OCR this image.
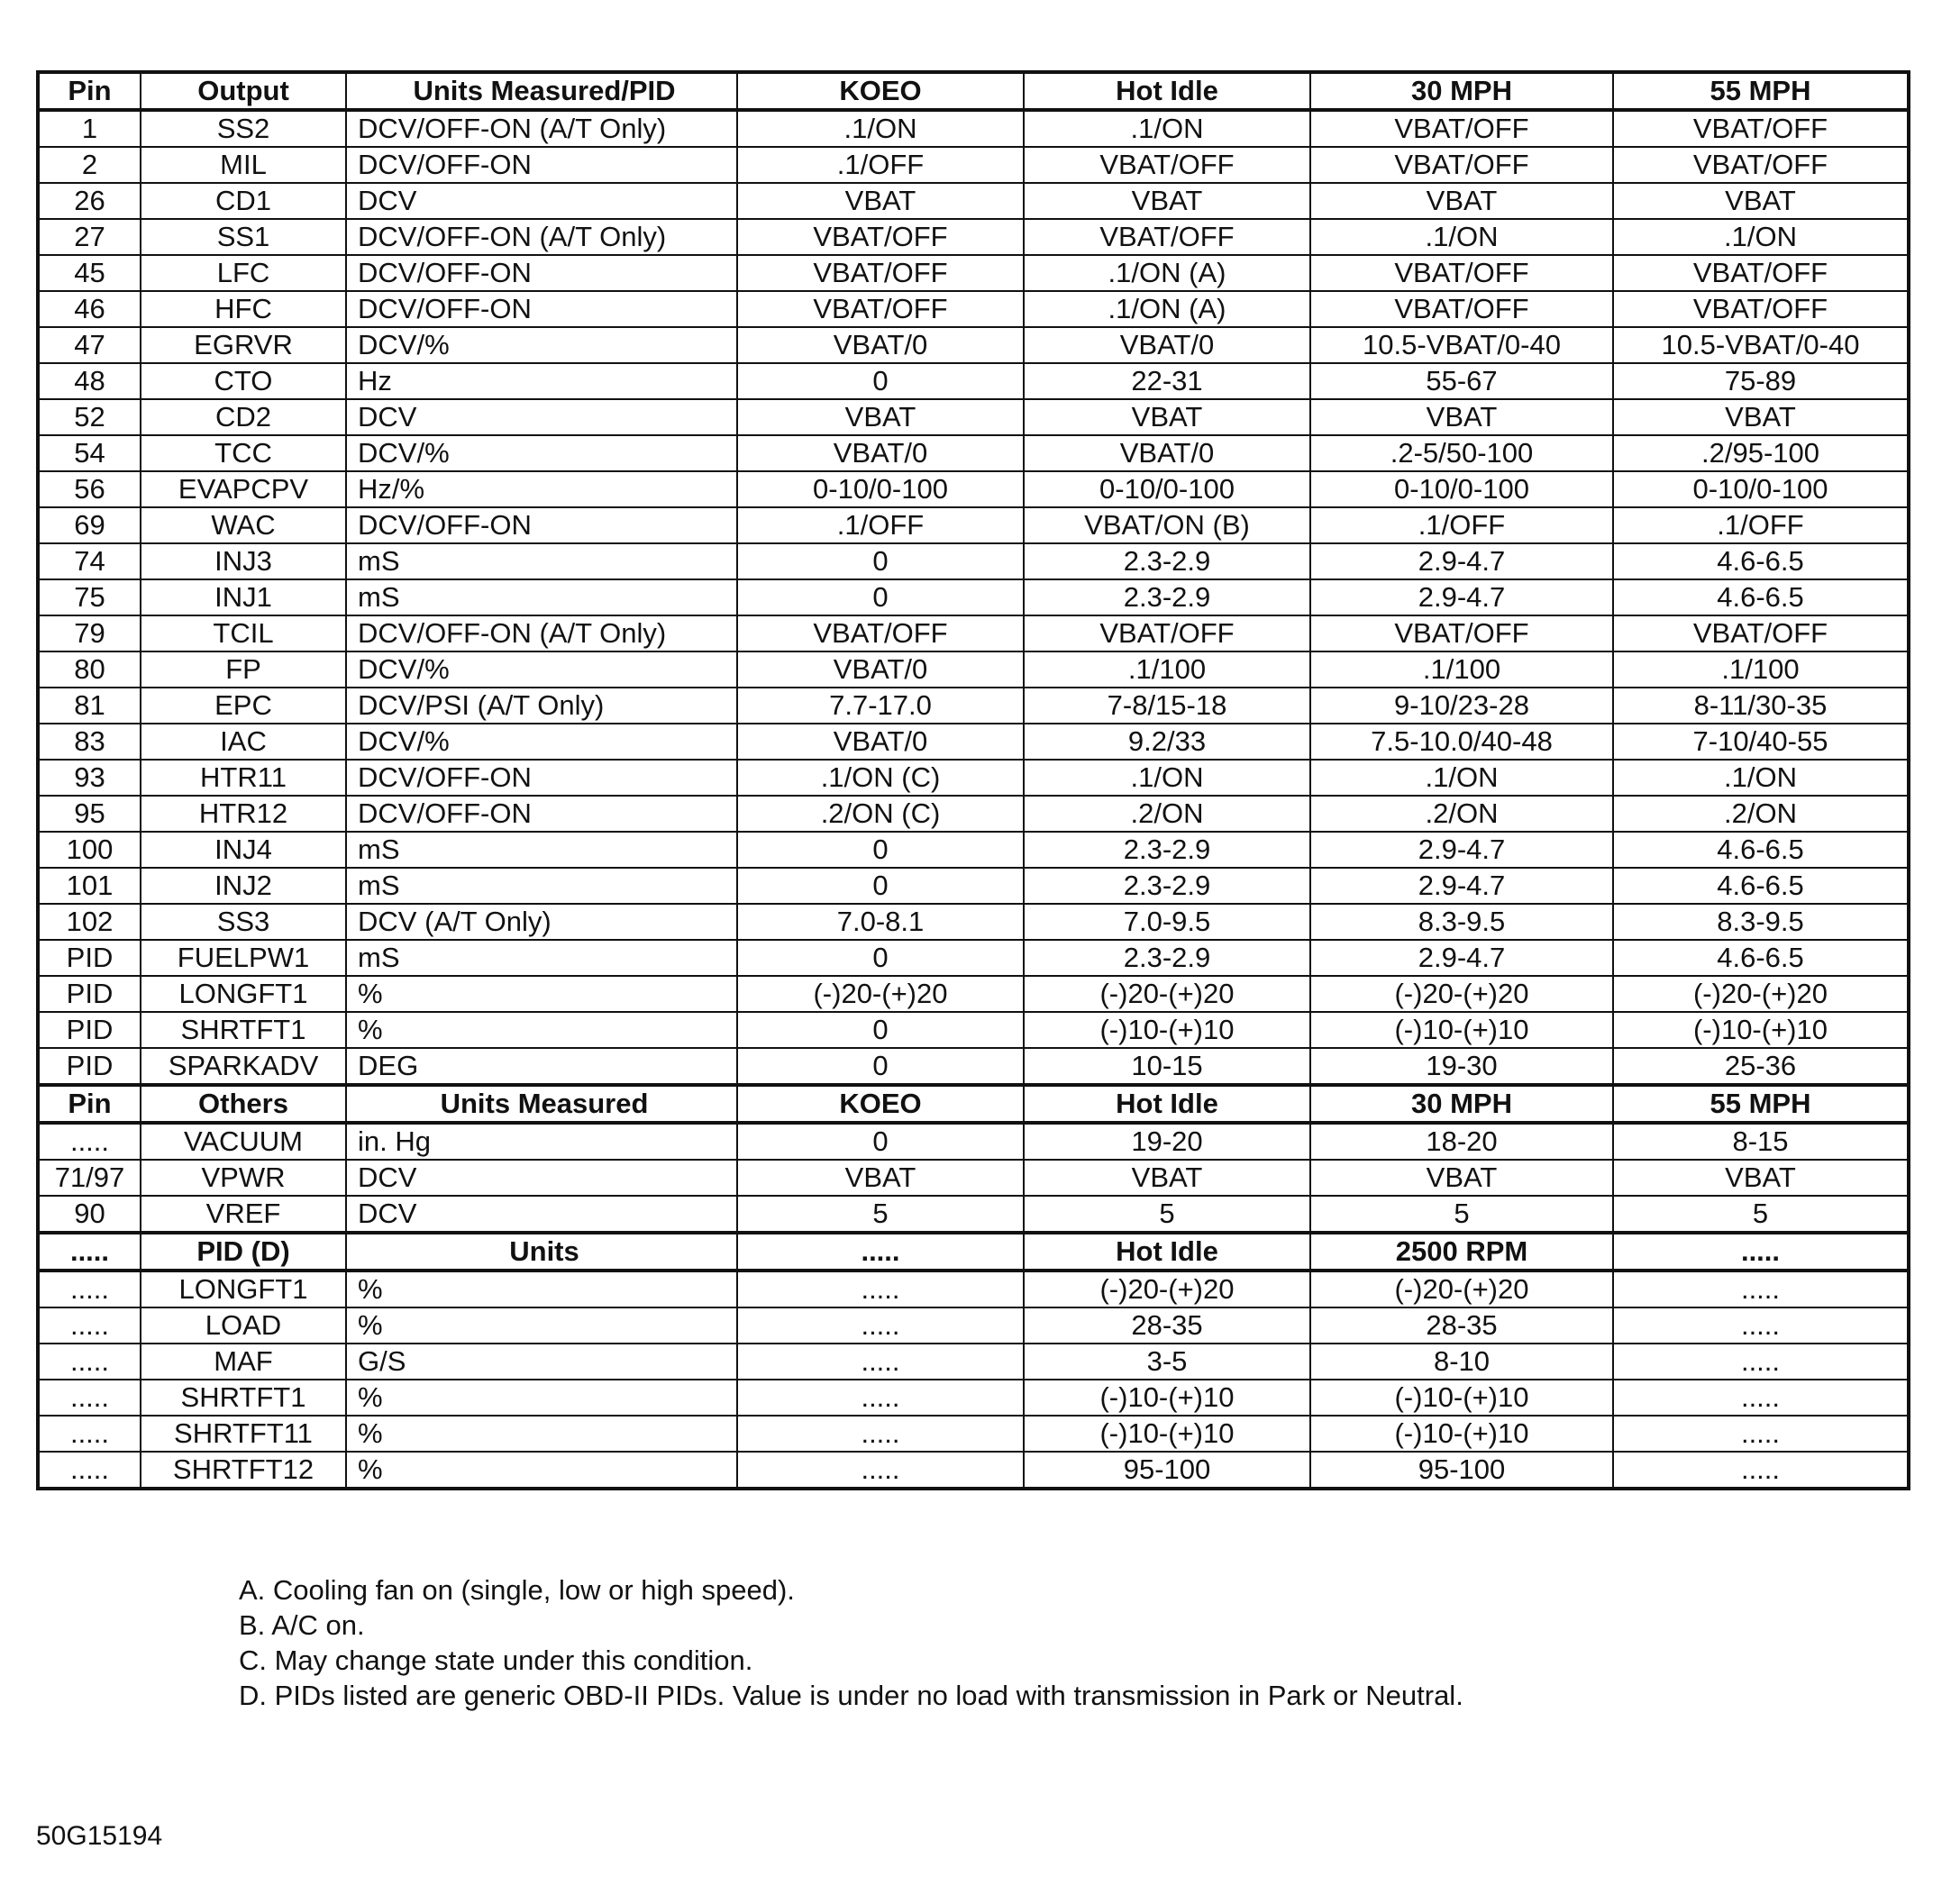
Pin	Output	Units Measured/PID	KOEO	Hot Idle	30 MPH	55 MPH
1	SS2	DCV/OFF-ON (A/T Only)	.1/ON	.1/ON	VBAT/OFF	VBAT/OFF
2	MIL	DCV/OFF-ON	.1/OFF	VBAT/OFF	VBAT/OFF	VBAT/OFF
26	CD1	DCV	VBAT	VBAT	VBAT	VBAT
27	SS1	DCV/OFF-ON (A/T Only)	VBAT/OFF	VBAT/OFF	.1/ON	.1/ON
45	LFC	DCV/OFF-ON	VBAT/OFF	.1/ON (A)	VBAT/OFF	VBAT/OFF
46	HFC	DCV/OFF-ON	VBAT/OFF	.1/ON (A)	VBAT/OFF	VBAT/OFF
47	EGRVR	DCV/%	VBAT/0	VBAT/0	10.5-VBAT/0-40	10.5-VBAT/0-40
48	CTO	Hz	0	22-31	55-67	75-89
52	CD2	DCV	VBAT	VBAT	VBAT	VBAT
54	TCC	DCV/%	VBAT/0	VBAT/0	.2-5/50-100	.2/95-100
56	EVAPCPV	Hz/%	0-10/0-100	0-10/0-100	0-10/0-100	0-10/0-100
69	WAC	DCV/OFF-ON	.1/OFF	VBAT/ON (B)	.1/OFF	.1/OFF
74	INJ3	mS	0	2.3-2.9	2.9-4.7	4.6-6.5
75	INJ1	mS	0	2.3-2.9	2.9-4.7	4.6-6.5
79	TCIL	DCV/OFF-ON (A/T Only)	VBAT/OFF	VBAT/OFF	VBAT/OFF	VBAT/OFF
80	FP	DCV/%	VBAT/0	.1/100	.1/100	.1/100
81	EPC	DCV/PSI (A/T Only)	7.7-17.0	7-8/15-18	9-10/23-28	8-11/30-35
83	IAC	DCV/%	VBAT/0	9.2/33	7.5-10.0/40-48	7-10/40-55
93	HTR11	DCV/OFF-ON	.1/ON (C)	.1/ON	.1/ON	.1/ON
95	HTR12	DCV/OFF-ON	.2/ON (C)	.2/ON	.2/ON	.2/ON
100	INJ4	mS	0	2.3-2.9	2.9-4.7	4.6-6.5
101	INJ2	mS	0	2.3-2.9	2.9-4.7	4.6-6.5
102	SS3	DCV (A/T Only)	7.0-8.1	7.0-9.5	8.3-9.5	8.3-9.5
PID	FUELPW1	mS	0	2.3-2.9	2.9-4.7	4.6-6.5
PID	LONGFT1	%	(-)20-(+)20	(-)20-(+)20	(-)20-(+)20	(-)20-(+)20
PID	SHRTFT1	%	0	(-)10-(+)10	(-)10-(+)10	(-)10-(+)10
PID	SPARKADV	DEG	0	10-15	19-30	25-36
Pin	Others	Units Measured	KOEO	Hot Idle	30 MPH	55 MPH
.....	VACUUM	in. Hg	0	19-20	18-20	8-15
71/97	VPWR	DCV	VBAT	VBAT	VBAT	VBAT
90	VREF	DCV	5	5	5	5
.....	PID (D)	Units	.....	Hot Idle	2500 RPM	.....
.....	LONGFT1	%	.....	(-)20-(+)20	(-)20-(+)20	.....
.....	LOAD	%	.....	28-35	28-35	.....
.....	MAF	G/S	.....	3-5	8-10	.....
.....	SHRTFT1	%	.....	(-)10-(+)10	(-)10-(+)10	.....
.....	SHRTFT11	%	.....	(-)10-(+)10	(-)10-(+)10	.....
.....	SHRTFT12	%	.....	95-100	95-100	.....
50G15194
A. Cooling fan on (single, low or high speed).
B. A/C on.
C. May change state under this condition.
D. PIDs listed are generic OBD-II PIDs. Value is under no load with transmission in Park or Neutral.
